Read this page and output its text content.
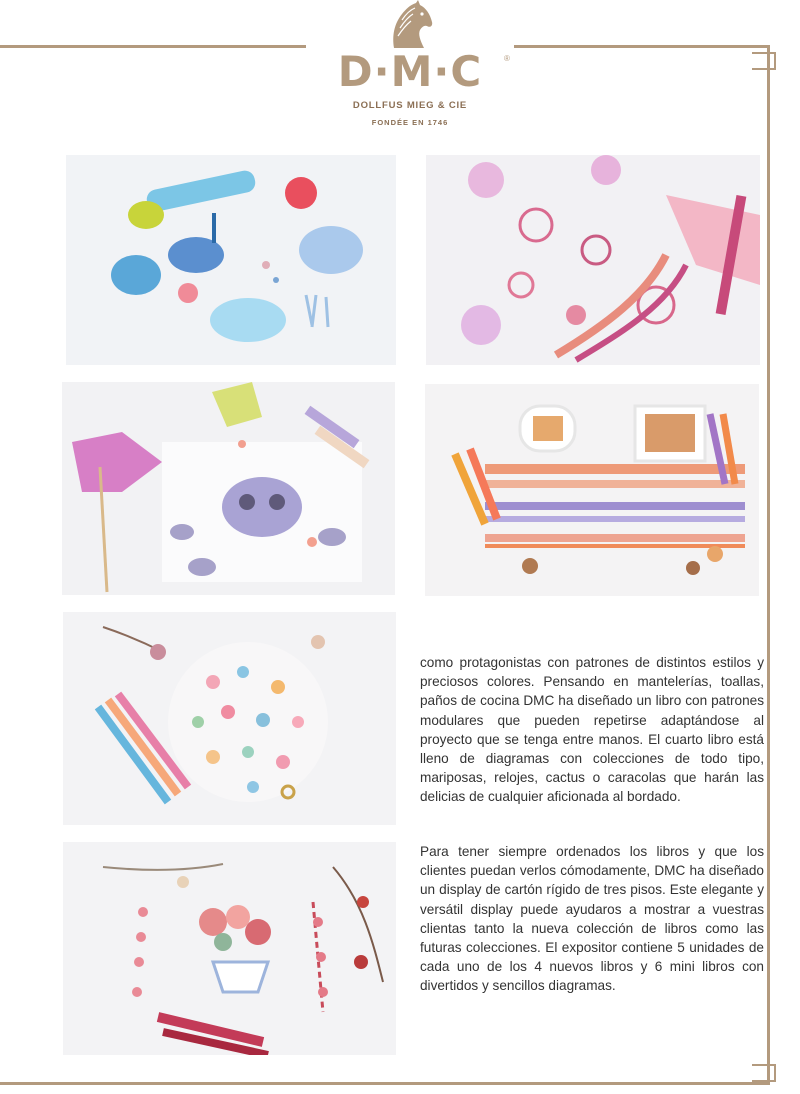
D·M·C	®
DOLLFUS MIEG & CIE
FONDÉE EN 1746

como protagonistas con patrones de distintos estilos y preciosos colores. Pensando en mantelerías, toallas, paños de cocina DMC ha diseñado un libro con patrones modulares que pueden repetirse adaptándose al proyecto que se tenga entre manos. El cuarto libro está lleno de diagramas con colecciones de todo tipo, mariposas, relojes, cactus o caracolas que harán las delicias de cualquier aficionada al bordado.

Para tener siempre ordenados los libros y que los clientes puedan verlos cómodamente, DMC ha diseñado un display de cartón rígido de tres pisos. Este elegante y versátil display puede ayudaros a mostrar a vuestras clientas tanto la nueva colección de libros como las futuras colecciones. El expositor contiene 5 unidades de cada uno de los 4 nuevos libros y 6 mini libros con divertidos y sencillos diagramas.
